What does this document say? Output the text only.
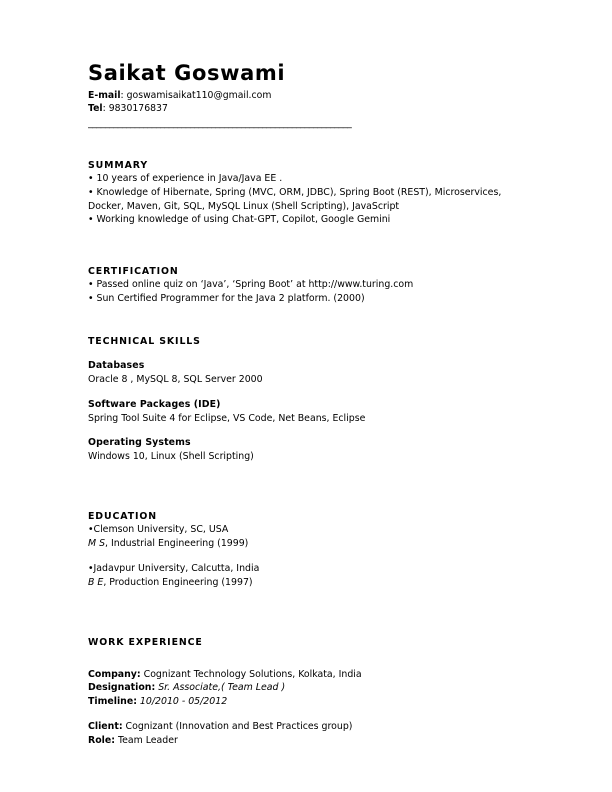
Saikat Goswami
E-mail: goswamisaikat110@gmail.com
Tel: 9830176837
______________________________________________________________
SUMMARY
• 10 years of experience in Java/Java EE .
• Knowledge of Hibernate, Spring (MVC, ORM, JDBC), Spring Boot (REST), Microservices, Docker, Maven, Git, SQL, MySQL Linux (Shell Scripting), JavaScript
• Working knowledge of using Chat-GPT, Copilot, Google Gemini
CERTIFICATION
• Passed online quiz on ‘Java’, ‘Spring Boot’ at http://www.turing.com
• Sun Certified Programmer for the Java 2 platform. (2000)
TECHNICAL SKILLS
Databases
Oracle 8 , MySQL 8, SQL Server 2000
Software Packages (IDE)
Spring Tool Suite 4 for Eclipse, VS Code, Net Beans, Eclipse
Operating Systems
Windows 10, Linux (Shell Scripting)
EDUCATION
• Clemson University, SC, USA
M S, Industrial Engineering (1999)
• Jadavpur University, Calcutta, India
B E, Production Engineering (1997)
WORK EXPERIENCE
Company: Cognizant Technology Solutions, Kolkata, India
Designation: Sr. Associate,( Team Lead )
Timeline: 10/2010 - 05/2012
Client: Cognizant (Innovation and Best Practices group)
Role: Team Leader
